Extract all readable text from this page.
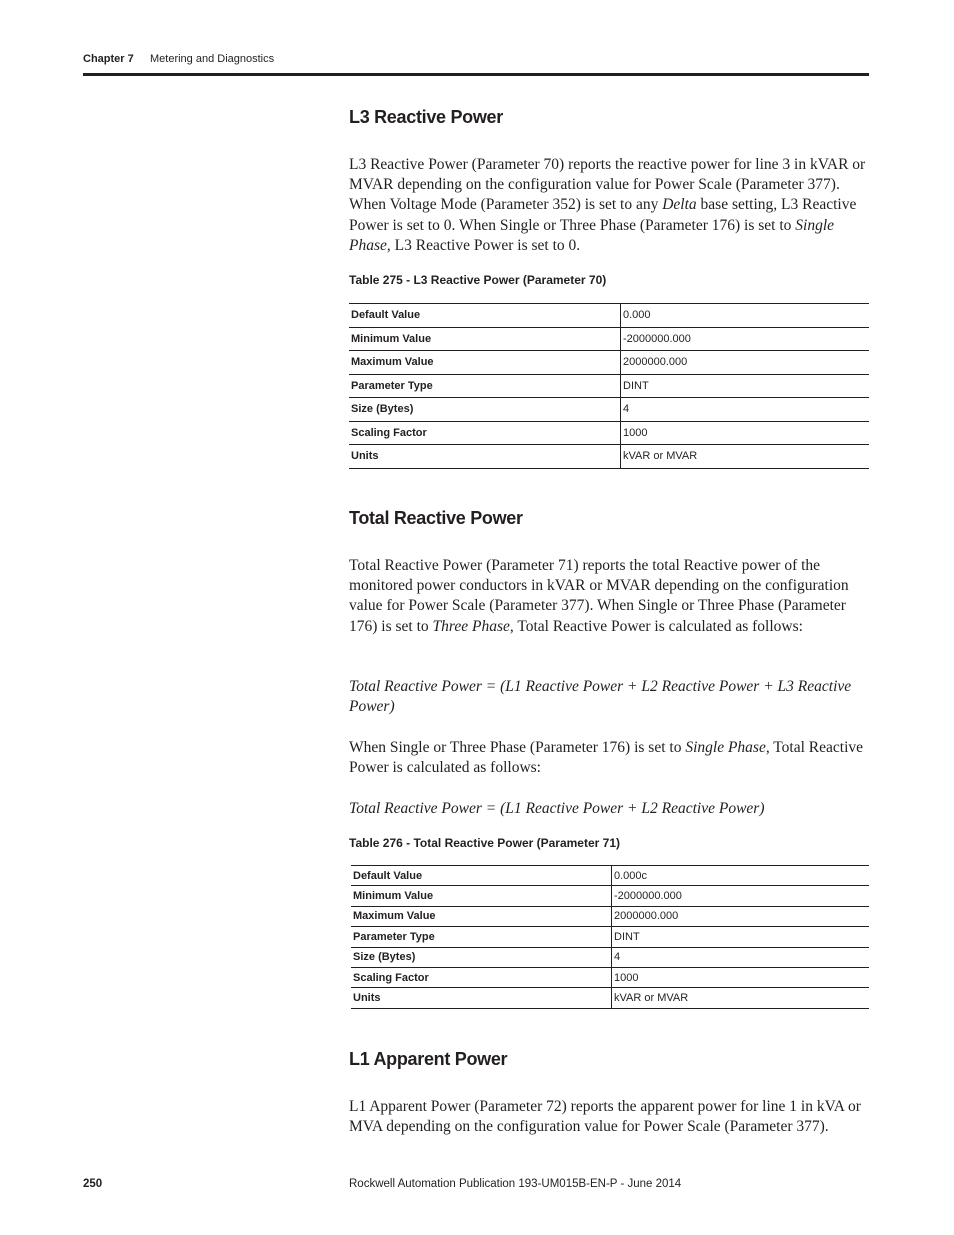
Chapter 7 Metering and Diagnostics
L3 Reactive Power

L3 Reactive Power (Parameter 70) reports the reactive power for line 3 in kVAR or MVAR depending on the configuration value for Power Scale (Parameter 377). When Voltage Mode (Parameter 352) is set to any Delta base setting, L3 Reactive Power is set to 0. When Single or Three Phase (Parameter 176) is set to Single Phase, L3 Reactive Power is set to 0.

Table 275 - L3 Reactive Power (Parameter 70)

Default Value	0.000
Minimum Value	-2000000.000
Maximum Value	2000000.000
Parameter Type	DINT
Size (Bytes)	4
Scaling Factor	1000
Units	kVAR or MVAR
Total Reactive Power

Total Reactive Power (Parameter 71) reports the total Reactive power of the monitored power conductors in kVAR or MVAR depending on the configuration value for Power Scale (Parameter 377). When Single or Three Phase (Parameter 176) is set to Three Phase, Total Reactive Power is calculated as follows:

Total Reactive Power = (L1 Reactive Power + L2 Reactive Power + L3 Reactive Power)

When Single or Three Phase (Parameter 176) is set to Single Phase, Total Reactive Power is calculated as follows:

Total Reactive Power = (L1 Reactive Power + L2 Reactive Power)

Table 276 - Total Reactive Power (Parameter 71)

Default Value	0.000c
Minimum Value	-2000000.000
Maximum Value	2000000.000
Parameter Type	DINT
Size (Bytes)	4
Scaling Factor	1000
Units	kVAR or MVAR
L1 Apparent Power

L1 Apparent Power (Parameter 72) reports the apparent power for line 1 in kVA or MVA depending on the configuration value for Power Scale (Parameter 377).

250	Rockwell Automation Publication 193-UM015B-EN-P - June 2014
